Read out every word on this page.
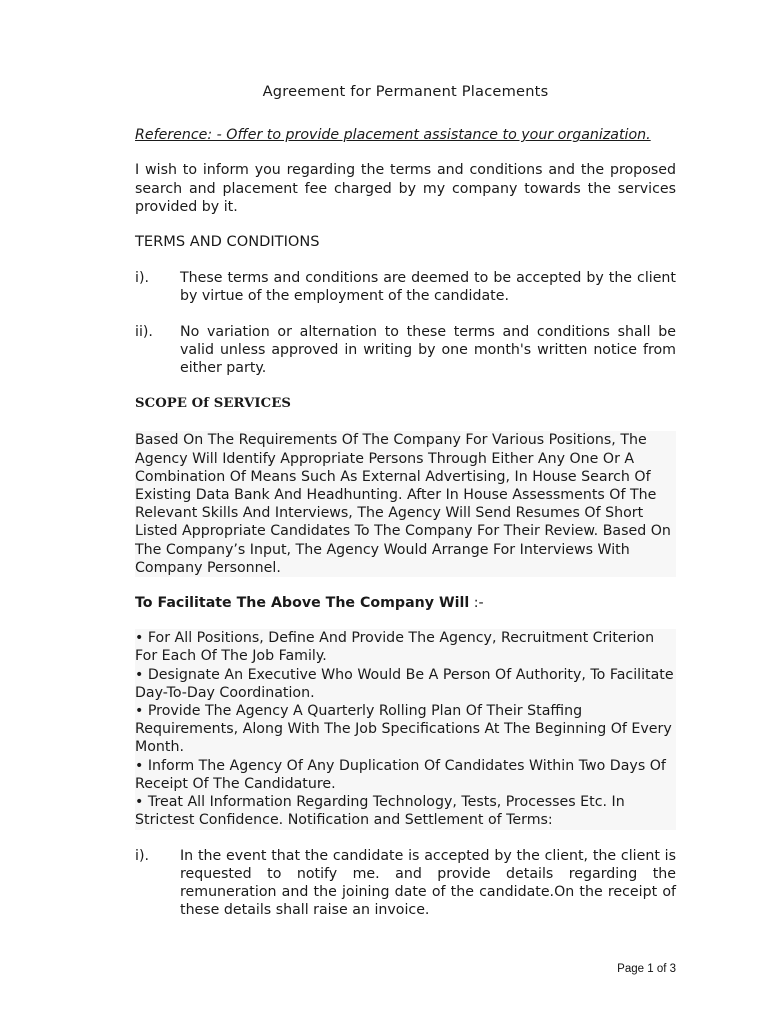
Agreement for Permanent Placements
Reference: - Offer to provide placement assistance to your organization.
I wish to inform you regarding the terms and conditions and the proposed search and placement fee charged by my company towards the services provided by it.
TERMS AND CONDITIONS
i).	These terms and conditions are deemed to be accepted by the client by virtue of the employment of the candidate.
ii).	No variation or alternation to these terms and conditions shall be valid unless approved in writing by one month's written notice from either party.
SCOPE Of SERVICES
Based On The Requirements Of The Company For Various Positions, The Agency Will Identify Appropriate Persons Through Either Any One Or A Combination Of Means Such As External Advertising, In House Search Of Existing Data Bank And Headhunting. After In House Assessments Of The Relevant Skills And Interviews, The Agency Will Send Resumes Of Short Listed Appropriate Candidates To The Company For Their Review. Based On The Company’s Input, The Agency Would Arrange For Interviews With Company Personnel.
To Facilitate The Above The Company Will :-
• For All Positions, Define And Provide The Agency, Recruitment Criterion For Each Of The Job Family.
• Designate An Executive Who Would Be A Person Of Authority, To Facilitate Day-To-Day Coordination.
• Provide The Agency A Quarterly Rolling Plan Of Their Staffing Requirements, Along With The Job Specifications At The Beginning Of Every Month.
• Inform The Agency Of Any Duplication Of Candidates Within Two Days Of Receipt Of The Candidature.
• Treat All Information Regarding Technology, Tests, Processes Etc. In Strictest Confidence. Notification and Settlement of Terms:
i).	In the event that the candidate is accepted by the client, the client is requested to notify me. and provide details regarding the remuneration and the joining date of the candidate.On the receipt of these details shall raise an invoice.
Page 1 of 3
